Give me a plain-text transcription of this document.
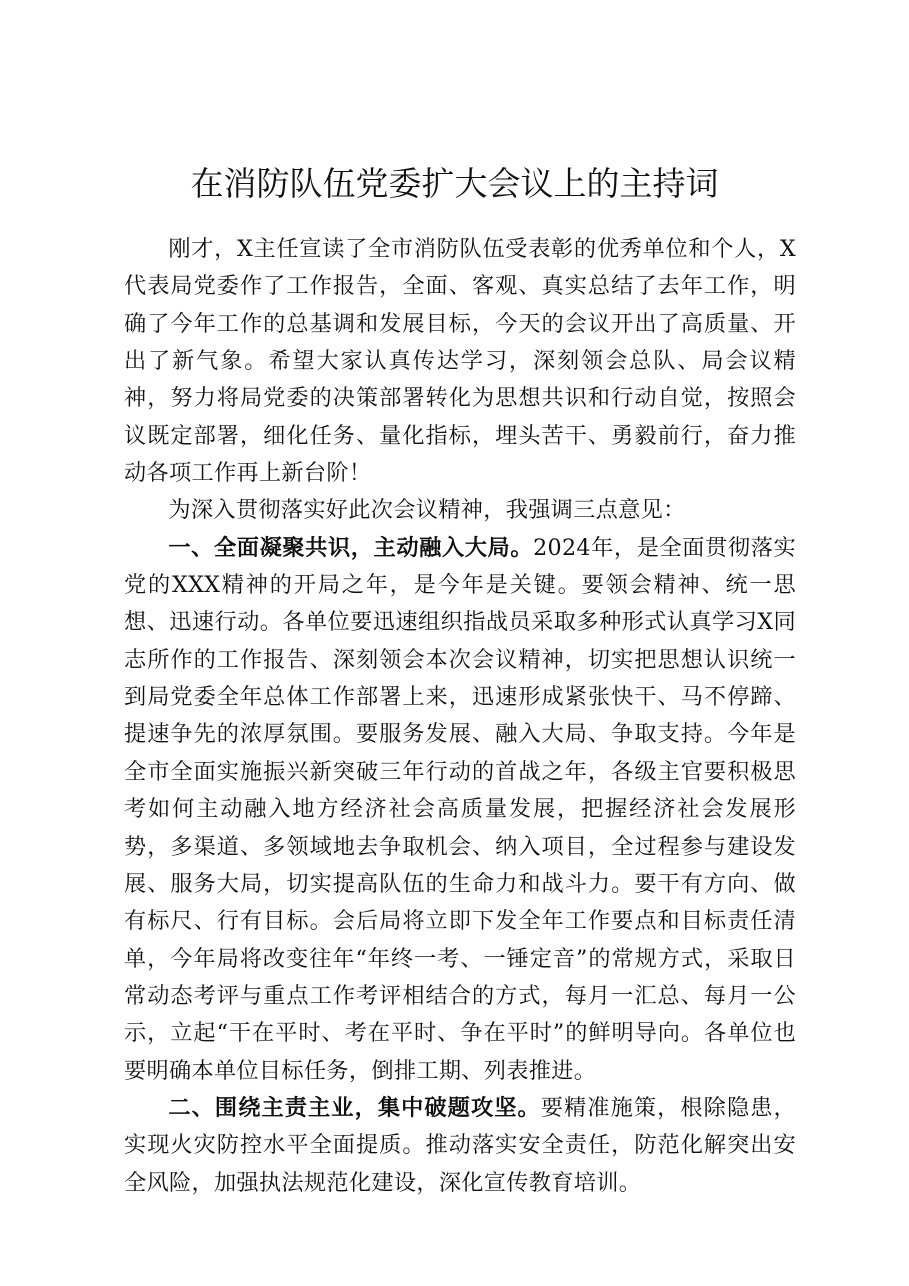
在消防队伍党委扩大会议上的主持词

刚才，X主任宣读了全市消防队伍受表彰的优秀单位和个人，X代表局党委作了工作报告，全面、客观、真实总结了去年工作，明确了今年工作的总基调和发展目标，今天的会议开出了高质量、开出了新气象。希望大家认真传达学习，深刻领会总队、局会议精神，努力将局党委的决策部署转化为思想共识和行动自觉，按照会议既定部署，细化任务、量化指标，埋头苦干、勇毅前行，奋力推动各项工作再上新台阶！

为深入贯彻落实好此次会议精神，我强调三点意见：

一、全面凝聚共识，主动融入大局。2024年，是全面贯彻落实党的XXX精神的开局之年，是今年是关键。要领会精神、统一思想、迅速行动。各单位要迅速组织指战员采取多种形式认真学习X同志所作的工作报告、深刻领会本次会议精神，切实把思想认识统一到局党委全年总体工作部署上来，迅速形成紧张快干、马不停蹄、提速争先的浓厚氛围。要服务发展、融入大局、争取支持。今年是全市全面实施振兴新突破三年行动的首战之年，各级主官要积极思考如何主动融入地方经济社会高质量发展，把握经济社会发展形势，多渠道、多领域地去争取机会、纳入项目，全过程参与建设发展、服务大局，切实提高队伍的生命力和战斗力。要干有方向、做有标尺、行有目标。会后局将立即下发全年工作要点和目标责任清单，今年局将改变往年“年终一考、一锤定音”的常规方式，采取日常动态考评与重点工作考评相结合的方式，每月一汇总、每月一公示，立起“干在平时、考在平时、争在平时”的鲜明导向。各单位也要明确本单位目标任务，倒排工期、列表推进。

二、围绕主责主业，集中破题攻坚。要精准施策，根除隐患，实现火灾防控水平全面提质。推动落实安全责任，防范化解突出安全风险，加强执法规范化建设，深化宣传教育培训。
